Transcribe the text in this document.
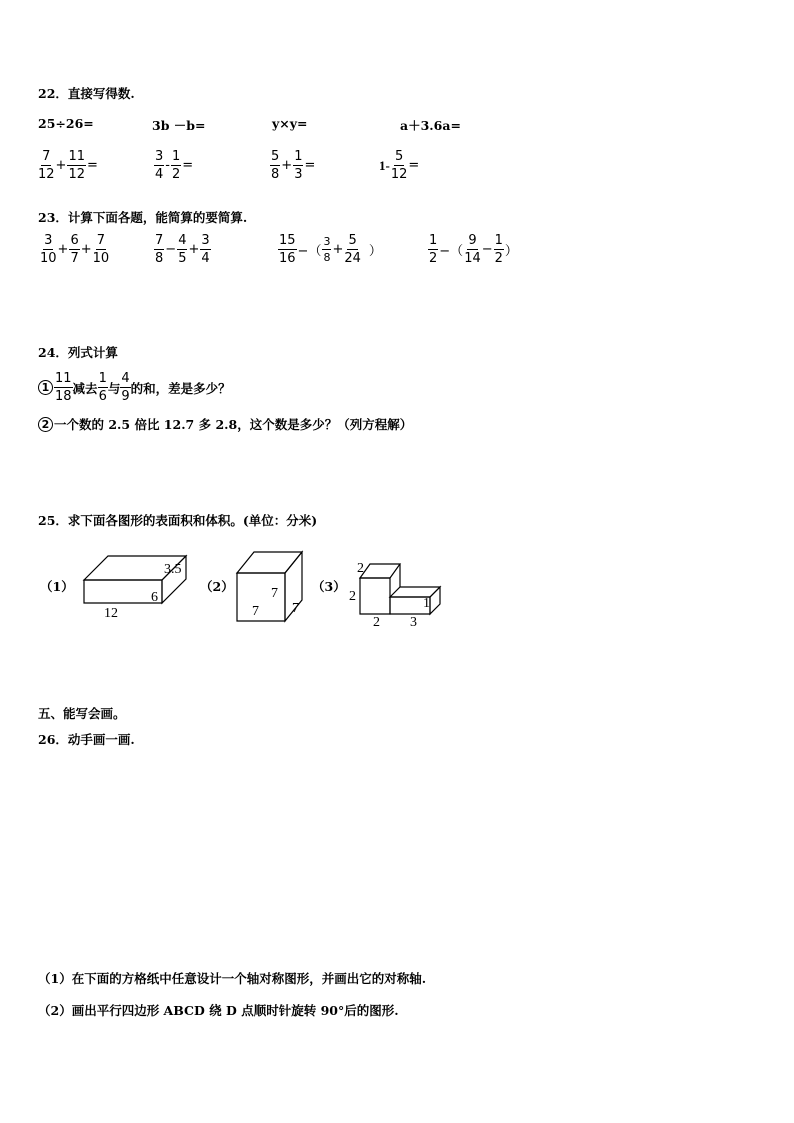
22．直接写得数.
25÷26=	3b －b=	y×y=	a＋3.6a=
$\frac{7}{12} + \frac{11}{12}$ =	$\frac{3}{4} - \frac{1}{2}$ =	$\frac{5}{8} + \frac{1}{3}$ =	$1- \frac{5}{12}$ =
23．计算下面各题，能简算的要简算.
$\frac{3}{10} + \frac{6}{7} + \frac{7}{10}$	$\frac{7}{8} - \frac{4}{5} + \frac{3}{4}$	$\frac{15}{16}$ −（ $\frac{3}{8} + \frac{5}{24}$ ）	$\frac{1}{2}$ −（ $\frac{9}{14} - \frac{1}{2}$ ）
24．列式计算
$1 \frac{11}{18}$ 减去 $\frac{1}{6}$ 与 $\frac{4}{9}$ 的和，差是多少？
2 一个数的 2.5 倍比 12.7 多 2.8，这个数是多少？（列方程解）
25．求下面各图形的表面积和体积。(单位：分米)
（1）
12
6
3.5
（2）
7
7
7
（3）
2
2	1
2 3
五、能写会画。
26．动手画一画.
（1）在下面的方格纸中任意设计一个轴对称图形，并画出它的对称轴.
（2）画出平行四边形 ABCD 绕 D 点顺时针旋转 90°后的图形.
